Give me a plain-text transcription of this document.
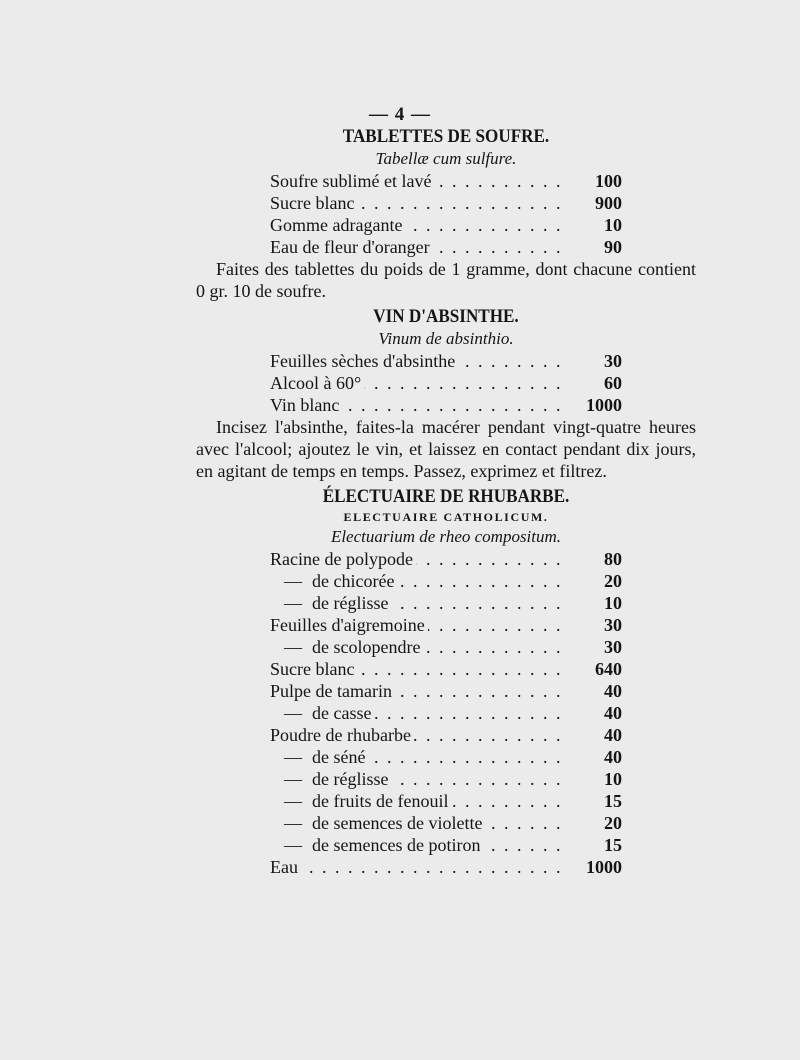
— 4 —
TABLETTES DE SOUFRE.
Tabellæ cum sulfure.
Soufre sublimé et lavé . . .	100
Sucre blanc . . .	900
Gomme adragante . . .	10
Eau de fleur d'oranger . . .	90
Faites des tablettes du poids de 1 gramme, dont chacune contient 0 gr. 10 de soufre.
VIN D'ABSINTHE.
Vinum de absinthio.
Feuilles sèches d'absinthe . . .	30
Alcool à 60° . . .	60
Vin blanc . . .	1000
Incisez l'absinthe, faites-la macérer pendant vingt-quatre heures avec l'alcool; ajoutez le vin, et laissez en contact pendant dix jours, en agitant de temps en temps. Passez, exprimez et filtrez.
ÉLECTUAIRE DE RHUBARBE.
ELECTUAIRE CATHOLICUM.
Electuarium de rheo compositum.
Racine de polypode . . .	80
— de chicorée . . .	20
— de réglisse . . .	10
Feuilles d'aigremoine . . .	30
— de scolopendre . . .	30
Sucre blanc . . .	640
Pulpe de tamarin . . .	40
— de casse . . .	40
Poudre de rhubarbe . . .	40
— de séné . . .	40
— de réglisse . . .	10
— de fruits de fenouil . . .	15
— de semences de violette . . .	20
— de semences de potiron . . .	15
Eau . . .	1000
